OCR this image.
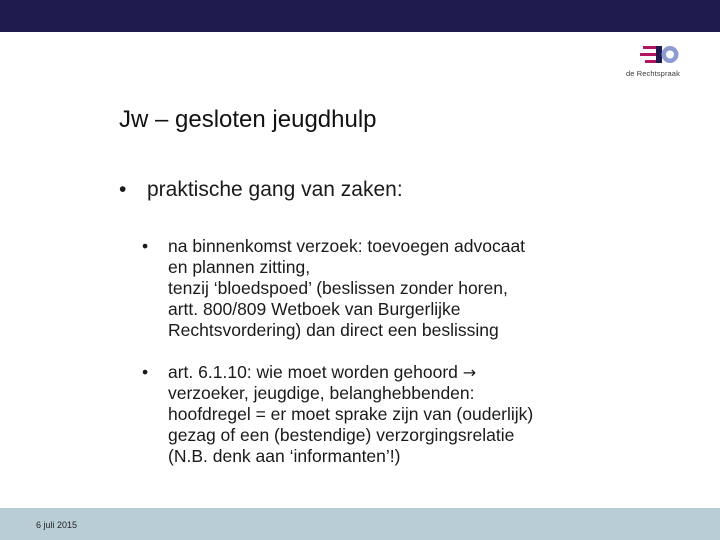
de Rechtspraak
Jw – gesloten jeugdhulp
• praktische gang van zaken:
• na binnenkomst verzoek: toevoegen advocaat
en plannen zitting,
tenzij ‘bloedspoed’ (beslissen zonder horen,
artt. 800/809 Wetboek van Burgerlijke
Rechtsvordering) dan direct een beslissing
• art. 6.1.10: wie moet worden gehoord →
verzoeker, jeugdige, belanghebbenden:
hoofdregel = er moet sprake zijn van (ouderlijk)
gezag of een (bestendige) verzorgingsrelatie
(N.B. denk aan ‘informanten’!)
6 juli 2015
